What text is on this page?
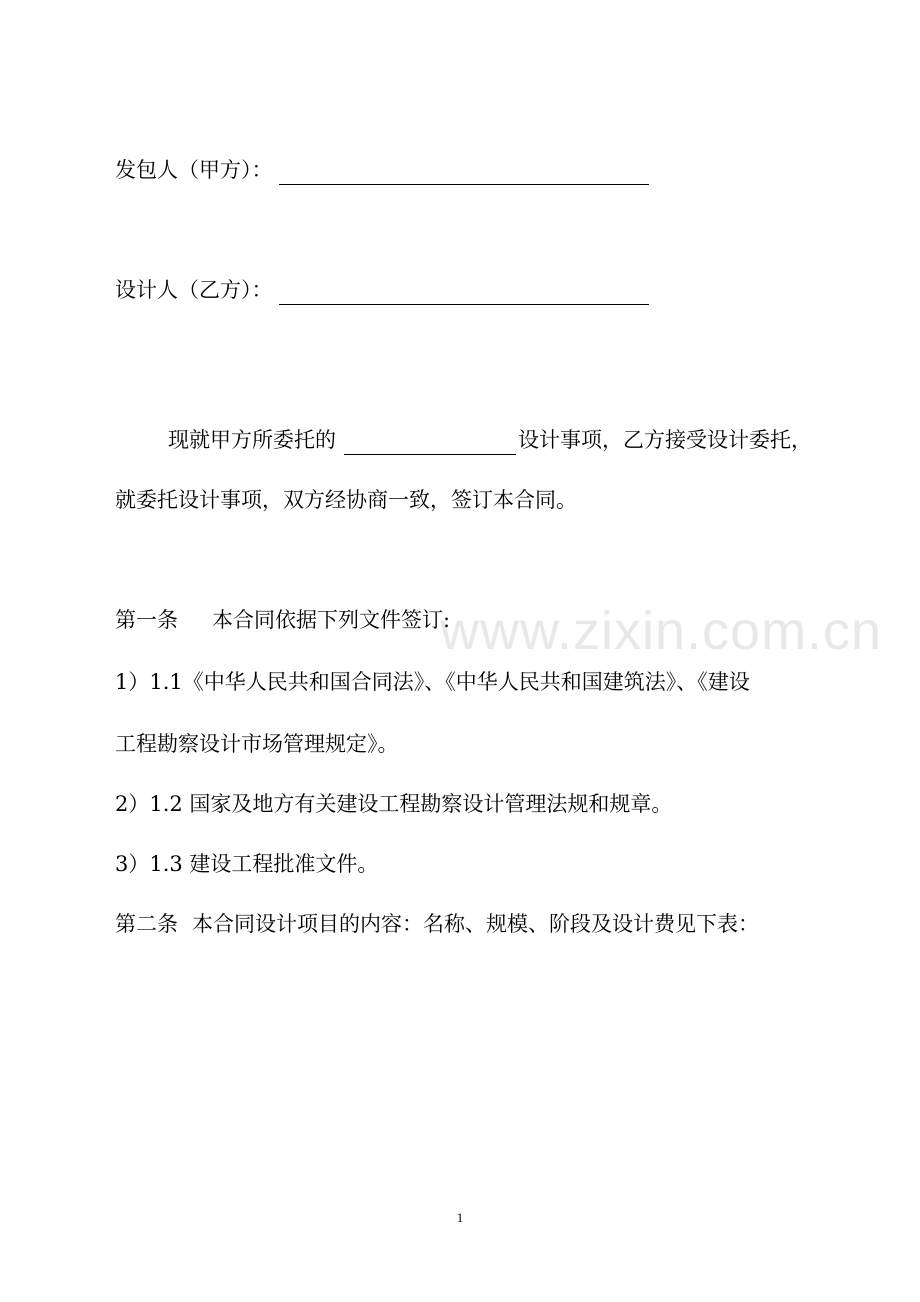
www.zixin.com.cn
发包人（甲方）：
设计人（乙方）：
现就甲方所委托的	设计事项，乙方接受设计委托，
就委托设计事项，双方经协商一致，签订本合同。
第一条 本合同依据下列文件签订:
1）1.1《中华人民共和国合同法》、《中华人民共和国建筑法》、《建设
工程勘察设计市场管理规定》。
2）1.2 国家及地方有关建设工程勘察设计管理法规和规章。
3）1.3 建设工程批准文件。
第二条 本合同设计项目的内容：名称、规模、阶段及设计费见下表：
1
